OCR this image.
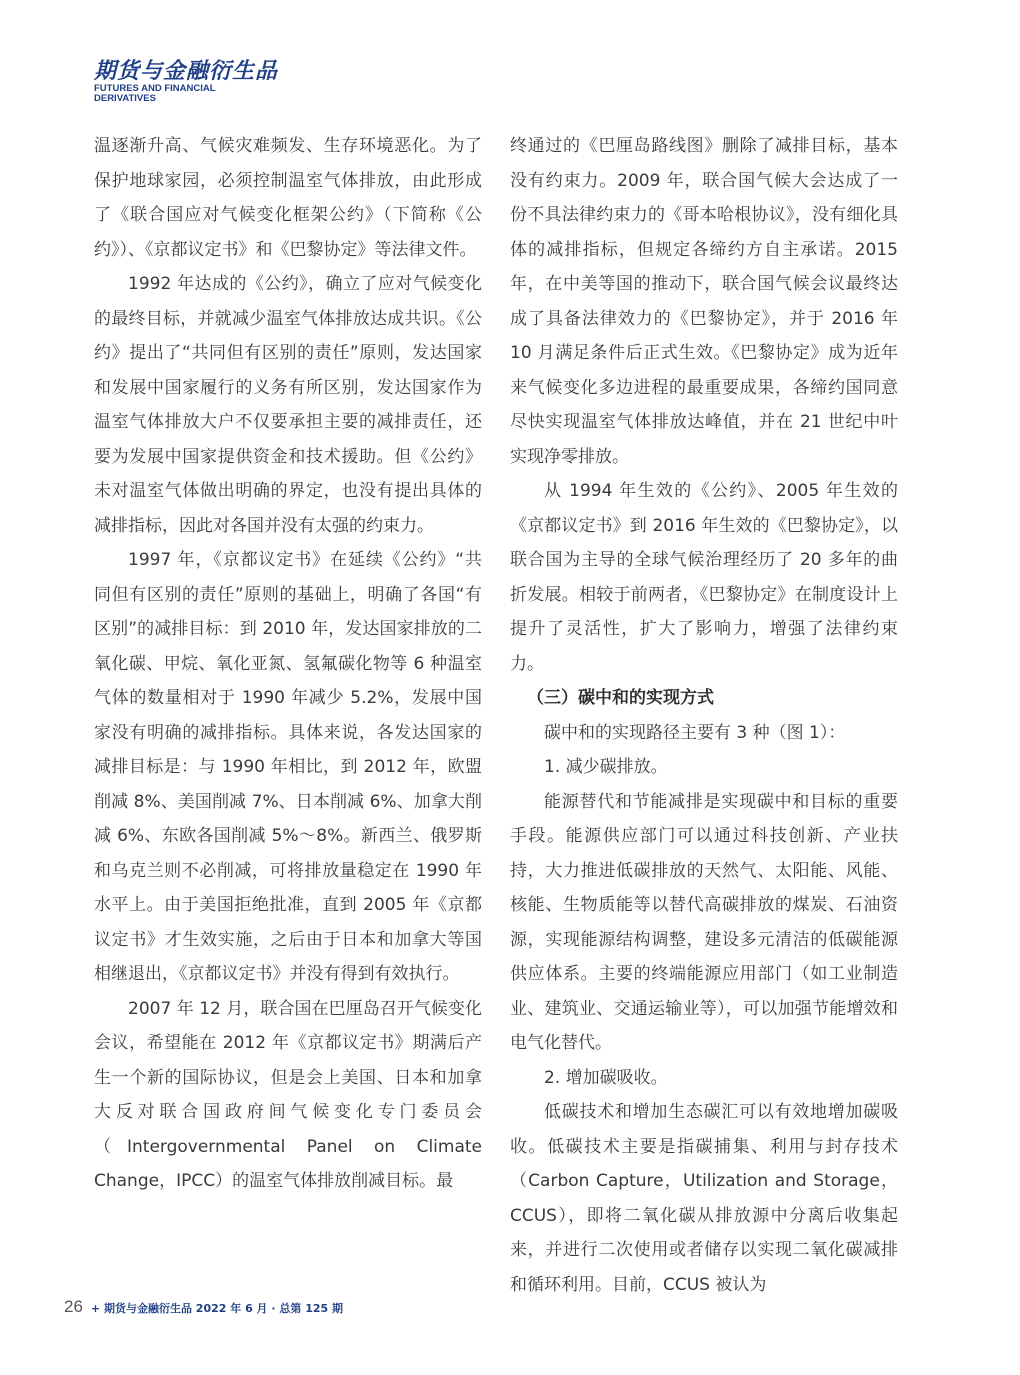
期货与金融衍生品
FUTURES AND FINANCIAL DERIVATIVES

温逐渐升高、气候灾难频发、生存环境恶化。为了保护地球家园，必须控制温室气体排放，由此形成了《联合国应对气候变化框架公约》（下简称《公约》）、《京都议定书》和《巴黎协定》等法律文件。

1992 年达成的《公约》，确立了应对气候变化的最终目标，并就减少温室气体排放达成共识。《公约》提出了“共同但有区别的责任”原则，发达国家和发展中国家履行的义务有所区别，发达国家作为温室气体排放大户不仅要承担主要的减排责任，还要为发展中国家提供资金和技术援助。但《公约》未对温室气体做出明确的界定，也没有提出具体的减排指标，因此对各国并没有太强的约束力。

1997 年，《京都议定书》在延续《公约》“共同但有区别的责任”原则的基础上，明确了各国“有区别”的减排目标：到 2010 年，发达国家排放的二氧化碳、甲烷、氧化亚氮、氢氟碳化物等 6 种温室气体的数量相对于 1990 年减少 5.2%，发展中国家没有明确的减排指标。具体来说，各发达国家的减排目标是：与 1990 年相比，到 2012 年，欧盟削减 8%、美国削减 7%、日本削减 6%、加拿大削减 6%、东欧各国削减 5%～8%。新西兰、俄罗斯和乌克兰则不必削减，可将排放量稳定在 1990 年水平上。由于美国拒绝批准，直到 2005 年《京都议定书》才生效实施，之后由于日本和加拿大等国相继退出，《京都议定书》并没有得到有效执行。

2007 年 12 月，联合国在巴厘岛召开气候变化会议，希望能在 2012 年《京都议定书》期满后产生一个新的国际协议，但是会上美国、日本和加拿大反对联合国政府间气候变化专门委员会（Intergovernmental Panel on Climate Change，IPCC）的温室气体排放削减目标。最

终通过的《巴厘岛路线图》删除了减排目标，基本没有约束力。2009 年，联合国气候大会达成了一份不具法律约束力的《哥本哈根协议》，没有细化具体的减排指标，但规定各缔约方自主承诺。2015 年，在中美等国的推动下，联合国气候会议最终达成了具备法律效力的《巴黎协定》，并于 2016 年 10 月满足条件后正式生效。《巴黎协定》成为近年来气候变化多边进程的最重要成果，各缔约国同意尽快实现温室气体排放达峰值，并在 21 世纪中叶实现净零排放。

从 1994 年生效的《公约》、2005 年生效的《京都议定书》到 2016 年生效的《巴黎协定》，以联合国为主导的全球气候治理经历了 20 多年的曲折发展。相较于前两者，《巴黎协定》在制度设计上提升了灵活性，扩大了影响力，增强了法律约束力。

（三）碳中和的实现方式

碳中和的实现路径主要有 3 种（图 1）：

1. 减少碳排放。

能源替代和节能减排是实现碳中和目标的重要手段。能源供应部门可以通过科技创新、产业扶持，大力推进低碳排放的天然气、太阳能、风能、核能、生物质能等以替代高碳排放的煤炭、石油资源，实现能源结构调整，建设多元清洁的低碳能源供应体系。主要的终端能源应用部门（如工业制造业、建筑业、交通运输业等），可以加强节能增效和电气化替代。

2. 增加碳吸收。

低碳技术和增加生态碳汇可以有效地增加碳吸收。低碳技术主要是指碳捕集、利用与封存技术（Carbon Capture，Utilization and Storage，CCUS），即将二氧化碳从排放源中分离后收集起来，并进行二次使用或者储存以实现二氧化碳减排和循环利用。目前，CCUS 被认为

26 + 期货与金融衍生品 2022 年 6 月 · 总第 125 期
